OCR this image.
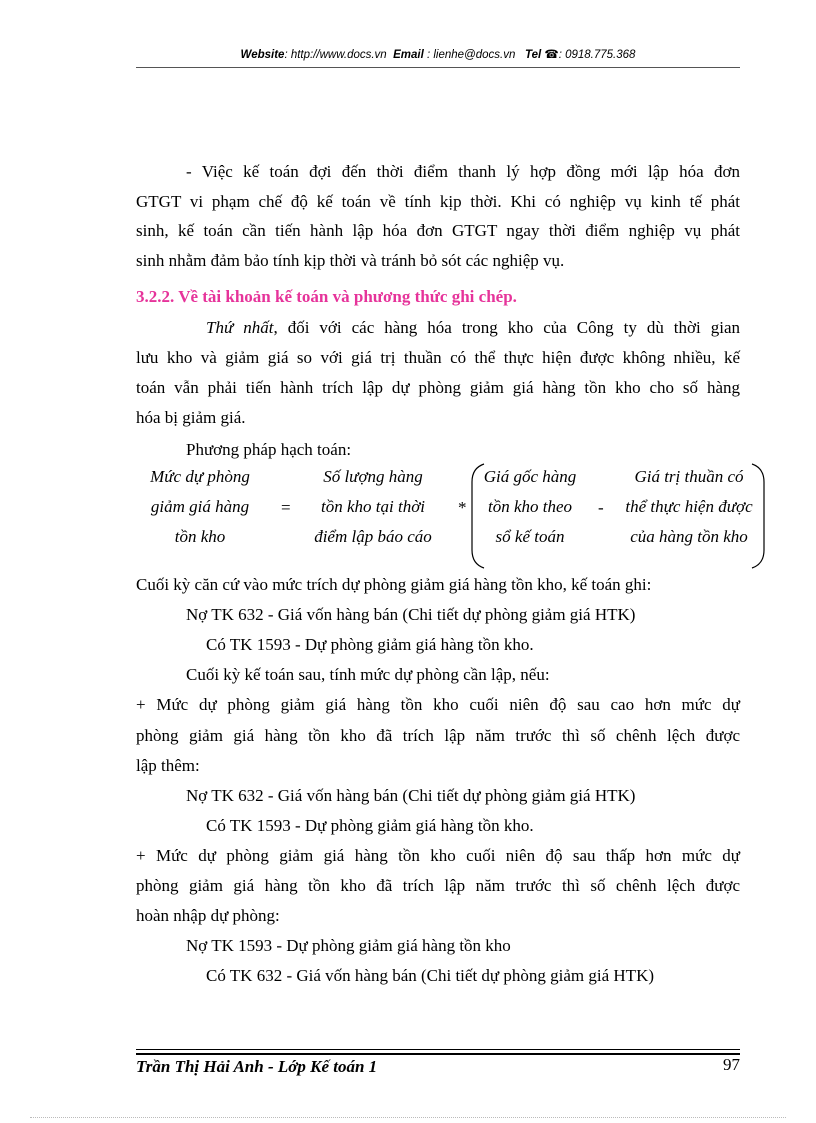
Website: http://www.docs.vn Email : lienhe@docs.vn Tel ☎: 0918.775.368
- Việc kế toán đợi đến thời điểm thanh lý hợp đồng mới lập hóa đơn
GTGT vi phạm chế độ kế toán về tính kịp thời. Khi có nghiệp vụ kinh tế phát
sinh, kế toán cần tiến hành lập hóa đơn GTGT ngay thời điểm nghiệp vụ phát
sinh nhằm đảm bảo tính kịp thời và tránh bỏ sót các nghiệp vụ.
3.2.2. Về tài khoản kế toán và phương thức ghi chép.
Thứ nhất, đối với các hàng hóa trong kho của Công ty dù thời gian
lưu kho và giảm giá so với giá trị thuần có thể thực hiện được không nhiều, kế
toán vẫn phải tiến hành trích lập dự phòng giảm giá hàng tồn kho cho số hàng
hóa bị giảm giá.
Phương pháp hạch toán:
Mức dự phòng
giảm giá hàng
tồn kho
=
Số lượng hàng
tồn kho tại thời
điểm lập báo cáo
*
Giá gốc hàng
tồn kho theo
sổ kế toán
-
Giá trị thuần có
thể thực hiện được
của hàng tồn kho
Cuối kỳ căn cứ vào mức trích dự phòng giảm giá hàng tồn kho, kế toán ghi:
Nợ TK 632 - Giá vốn hàng bán (Chi tiết dự phòng giảm giá HTK)
Có TK 1593 - Dự phòng giảm giá hàng tồn kho.
Cuối kỳ kế toán sau, tính mức dự phòng cần lập, nếu:
+ Mức dự phòng giảm giá hàng tồn kho cuối niên độ sau cao hơn mức dự
phòng giảm giá hàng tồn kho đã trích lập năm trước thì số chênh lệch được
lập thêm:
Nợ TK 632 - Giá vốn hàng bán (Chi tiết dự phòng giảm giá HTK)
Có TK 1593 - Dự phòng giảm giá hàng tồn kho.
+ Mức dự phòng giảm giá hàng tồn kho cuối niên độ sau thấp hơn mức dự
phòng giảm giá hàng tồn kho đã trích lập năm trước thì số chênh lệch được
hoàn nhập dự phòng:
Nợ TK 1593 - Dự phòng giảm giá hàng tồn kho
Có TK 632 - Giá vốn hàng bán (Chi tiết dự phòng giảm giá HTK)
Trần Thị Hải Anh - Lớp Kế toán 1	97
